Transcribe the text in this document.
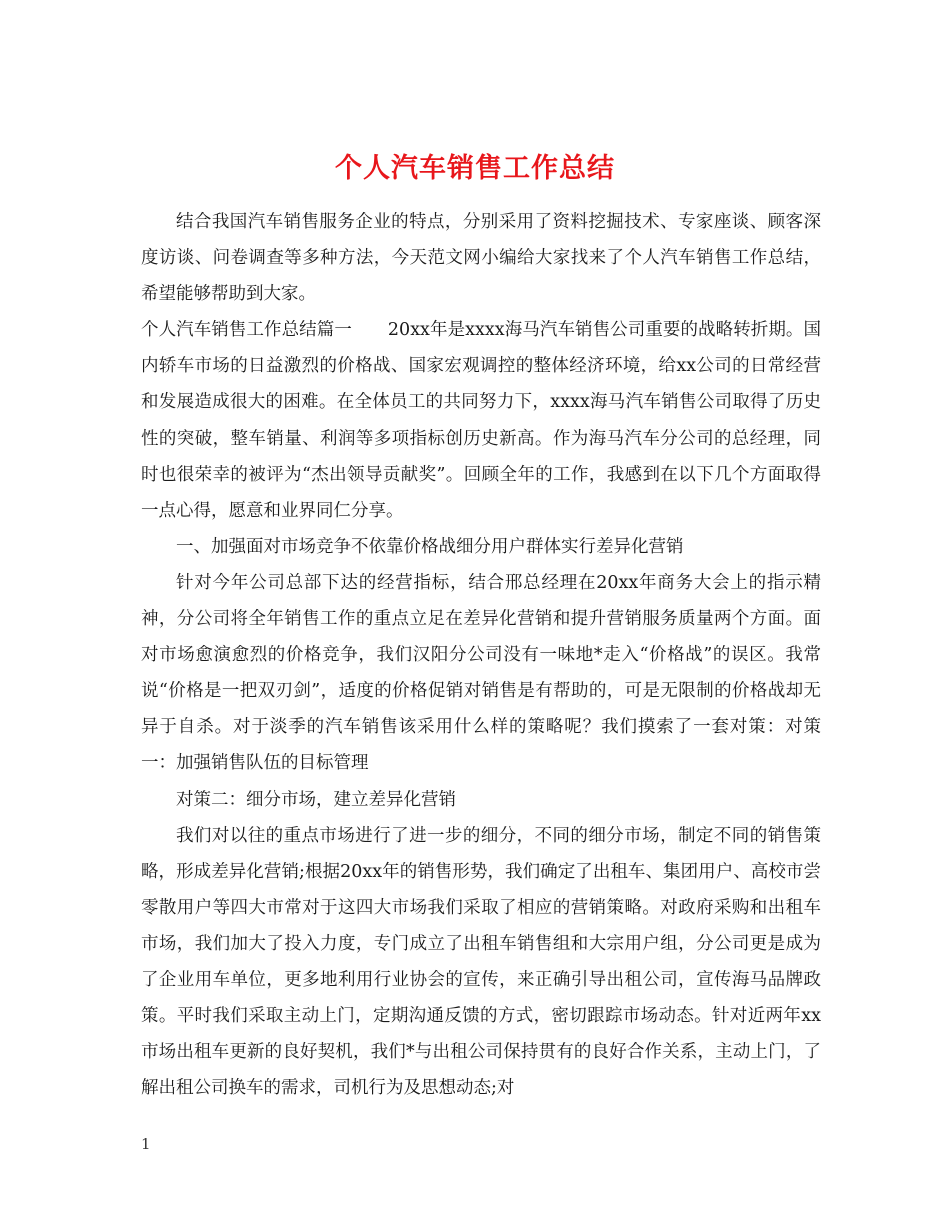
个人汽车销售工作总结

结合我国汽车销售服务企业的特点，分别采用了资料挖掘技术、专家座谈、顾客深度访谈、问卷调查等多种方法，今天范文网小编给大家找来了个人汽车销售工作总结，希望能够帮助到大家。

个人汽车销售工作总结篇一 20xx年是xxxx海马汽车销售公司重要的战略转折期。国内轿车市场的日益激烈的价格战、国家宏观调控的整体经济环境，给xx公司的日常经营和发展造成很大的困难。在全体员工的共同努力下，xxxx海马汽车销售公司取得了历史性的突破，整车销量、利润等多项指标创历史新高。作为海马汽车分公司的总经理，同时也很荣幸的被评为“杰出领导贡献奖”。回顾全年的工作，我感到在以下几个方面取得一点心得，愿意和业界同仁分享。

一、加强面对市场竞争不依靠价格战细分用户群体实行差异化营销

针对今年公司总部下达的经营指标，结合邢总经理在20xx年商务大会上的指示精神，分公司将全年销售工作的重点立足在差异化营销和提升营销服务质量两个方面。面对市场愈演愈烈的价格竞争，我们汉阳分公司没有一味地*走入“价格战”的误区。我常说“价格是一把双刃剑”，适度的价格促销对销售是有帮助的，可是无限制的价格战却无异于自杀。对于淡季的汽车销售该采用什么样的策略呢？我们摸索了一套对策：对策一：加强销售队伍的目标管理

对策二：细分市场，建立差异化营销

我们对以往的重点市场进行了进一步的细分，不同的细分市场，制定不同的销售策略，形成差异化营销;根据20xx年的销售形势，我们确定了出租车、集团用户、高校市尝零散用户等四大市常对于这四大市场我们采取了相应的营销策略。对政府采购和出租车市场，我们加大了投入力度，专门成立了出租车销售组和大宗用户组，分公司更是成为了企业用车单位，更多地利用行业协会的宣传，来正确引导出租公司，宣传海马品牌政策。平时我们采取主动上门，定期沟通反馈的方式，密切跟踪市场动态。针对近两年xx市场出租车更新的良好契机，我们*与出租公司保持贯有的良好合作关系，主动上门，了解出租公司换车的需求，司机行为及思想动态;对

1
